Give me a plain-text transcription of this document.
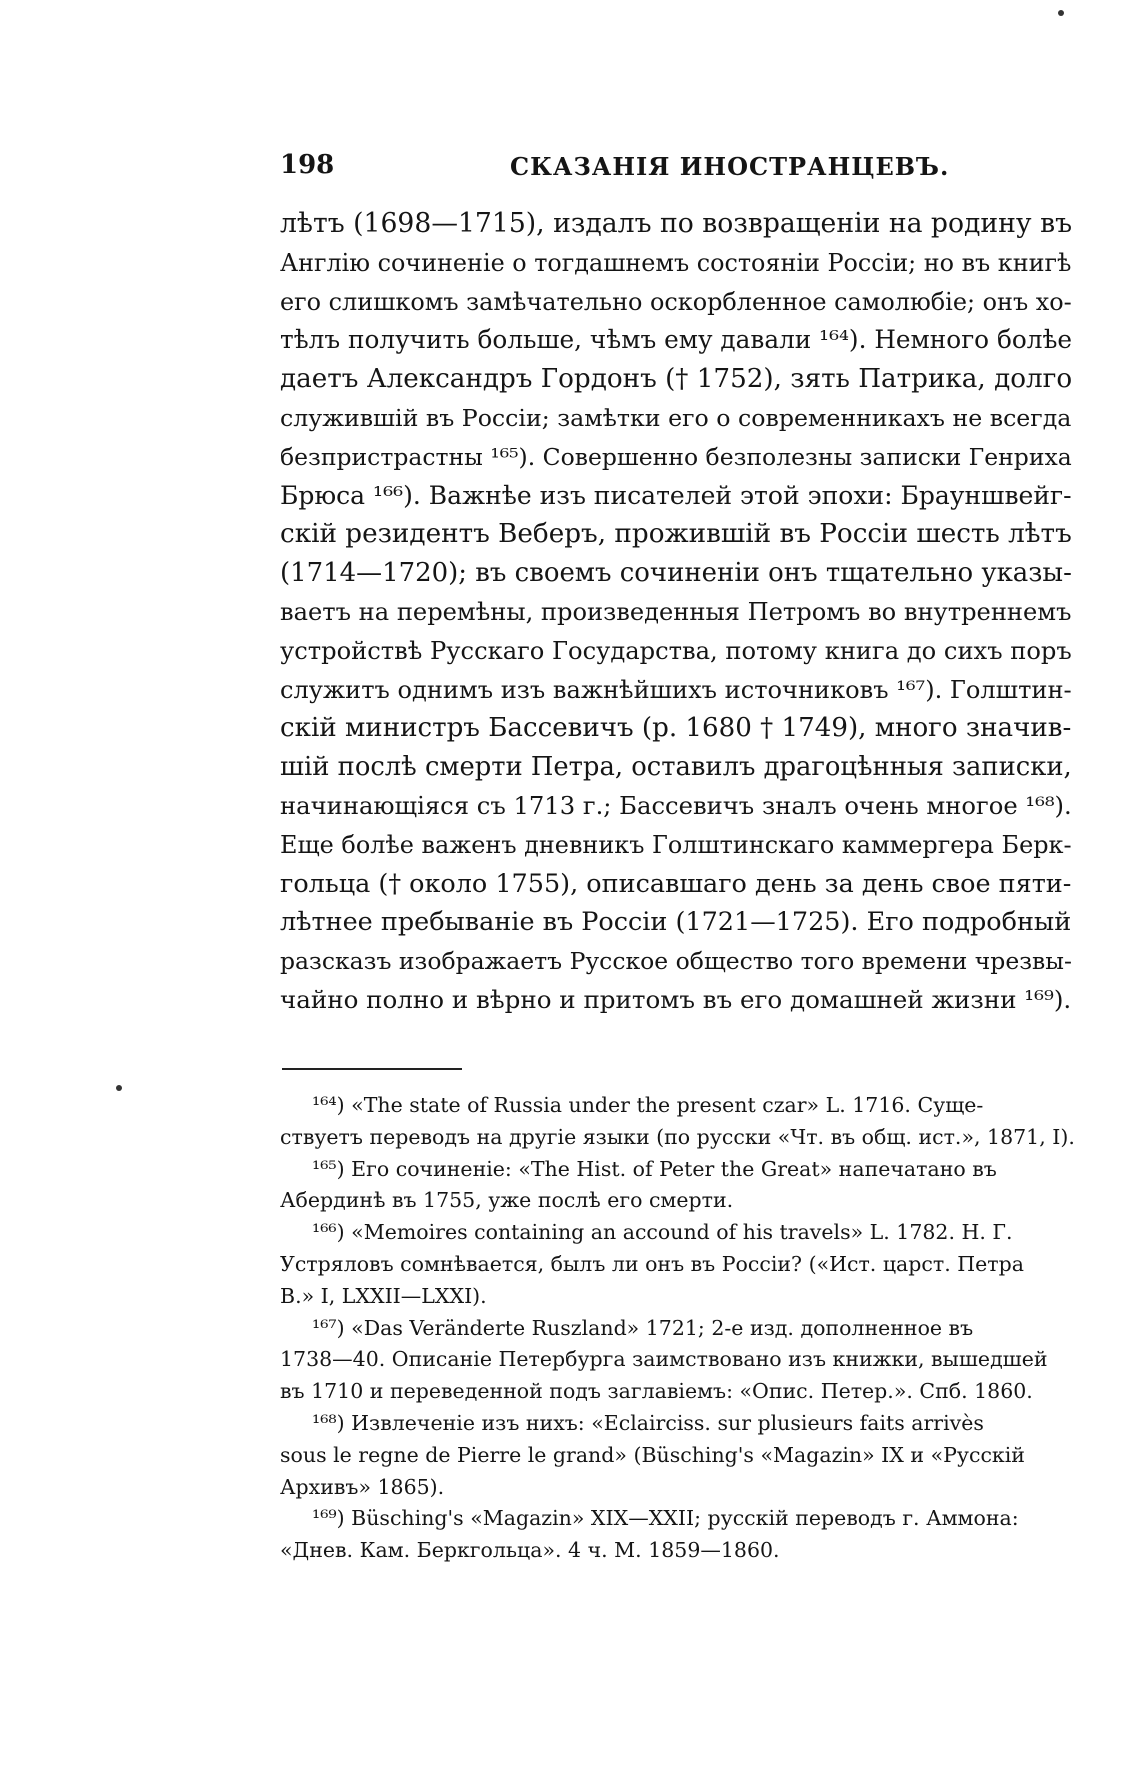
198	СКАЗАНІЯ ИНОСТРАНЦЕВЪ.
лѣтъ (1698—1715), издалъ по возвращеніи на родину въ
Англію сочиненіе о тогдашнемъ состояніи Россіи; но въ книгѣ
его слишкомъ замѣчательно оскорбленное самолюбіе; онъ хо-
тѣлъ получить больше, чѣмъ ему давали ¹⁶⁴). Немного болѣе
даетъ Александръ Гордонъ († 1752), зять Патрика, долго
служившій въ Россіи; замѣтки его о современникахъ не всегда
безпристрастны ¹⁶⁵). Совершенно безполезны записки Генриха
Брюса ¹⁶⁶). Важнѣе изъ писателей этой эпохи: Брауншвейг-
скій резидентъ Веберъ, прожившій въ Россіи шесть лѣтъ
(1714—1720); въ своемъ сочиненіи онъ тщательно указы-
ваетъ на перемѣны, произведенныя Петромъ во внутреннемъ
устройствѣ Русскаго Государства, потому книга до сихъ поръ
служитъ однимъ изъ важнѣйшихъ источниковъ ¹⁶⁷). Голштин-
скій министръ Бассевичъ (р. 1680 † 1749), много значив-
шій послѣ смерти Петра, оставилъ драгоцѣнныя записки,
начинающіяся съ 1713 г.; Бассевичъ зналъ очень многое ¹⁶⁸).
Еще болѣе важенъ дневникъ Голштинскаго каммергера Берк-
гольца († около 1755), описавшаго день за день свое пяти-
лѣтнее пребываніе въ Россіи (1721—1725). Его подробный
разсказъ изображаетъ Русское общество того времени чрезвы-
чайно полно и вѣрно и притомъ въ его домашней жизни ¹⁶⁹).
¹⁶⁴) «The state of Russia under the present czar» L. 1716. Суще-
ствуетъ переводъ на другіе языки (по русски «Чт. въ общ. ист.», 1871, I).
¹⁶⁵) Его сочиненіе: «The Hist. of Peter the Great» напечатано въ
Абердинѣ въ 1755, уже послѣ его смерти.
¹⁶⁶) «Memoires containing an accound of his travels» L. 1782. Н. Г.
Устряловъ сомнѣвается, былъ ли онъ въ Россіи? («Ист. царст. Петра
В.» I, LXXII—LXXI).
¹⁶⁷) «Das Veränderte Ruszland» 1721; 2-е изд. дополненное въ
1738—40. Описаніе Петербурга заимствовано изъ книжки, вышедшей
въ 1710 и переведенной подъ заглавіемъ: «Опис. Петер.». Спб. 1860.
¹⁶⁸) Извлеченіе изъ нихъ: «Eclairciss. sur plusieurs faits arrivès
sous le regne de Pierre le grand» (Büsching's «Magazin» IX и «Русскій
Архивъ» 1865).
¹⁶⁹) Büsching's «Magazin» XIX—XXII; русскій переводъ г. Аммона:
«Днев. Кам. Беркгольца». 4 ч. М. 1859—1860.
